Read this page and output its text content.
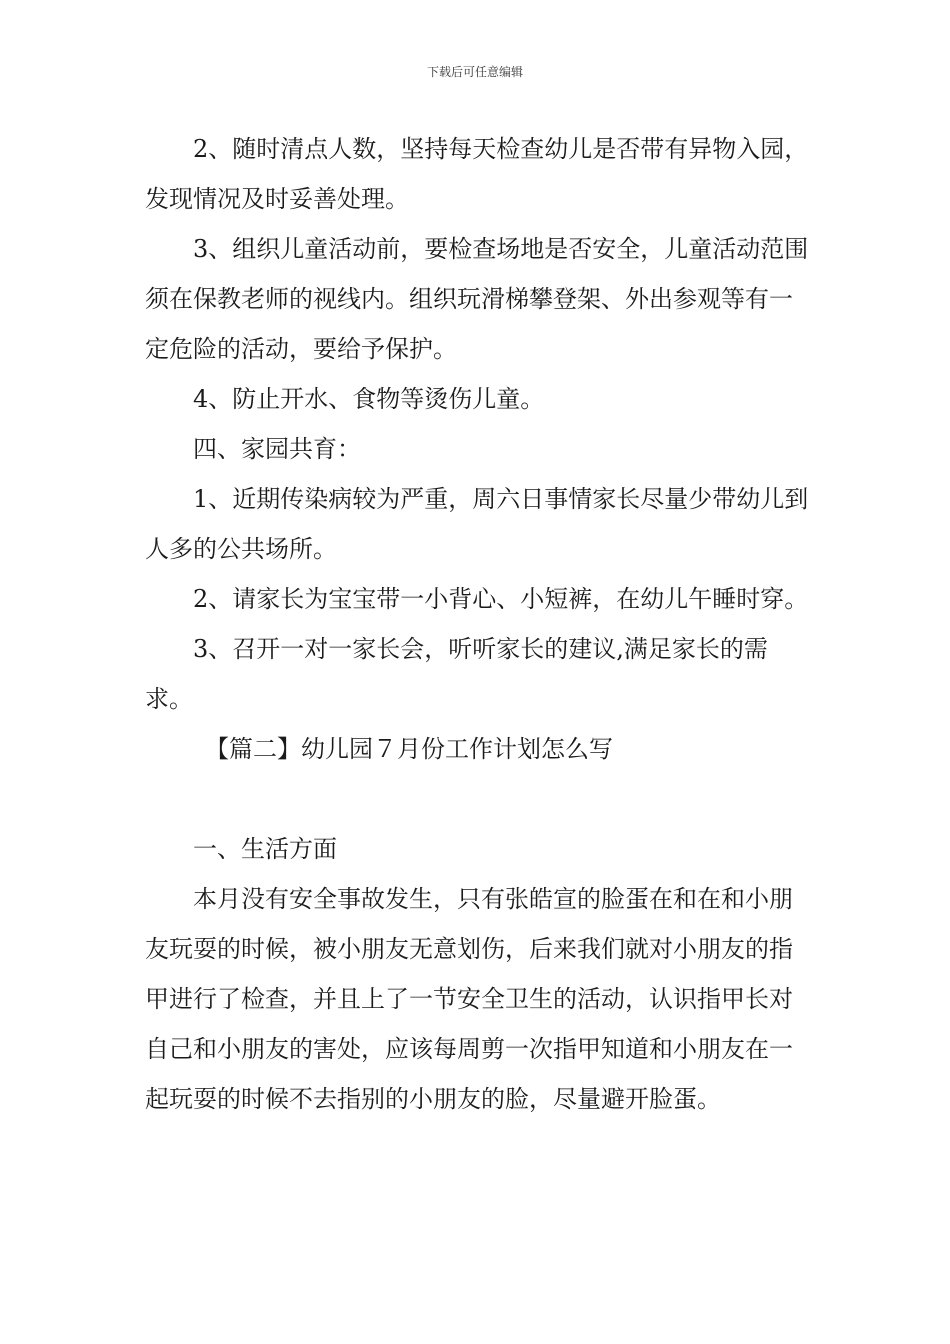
下载后可任意编辑

2、随时清点人数，坚持每天检查幼儿是否带有异物入园，发现情况及时妥善处理。

3、组织儿童活动前，要检查场地是否安全，儿童活动范围须在保教老师的视线内。组织玩滑梯攀登架、外出参观等有一定危险的活动，要给予保护。

4、防止开水、食物等烫伤儿童。

四、家园共育：

1、近期传染病较为严重，周六日事情家长尽量少带幼儿到人多的公共场所。

2、请家长为宝宝带一小背心、小短裤，在幼儿午睡时穿。

3、召开一对一家长会，听听家长的建议,满足家长的需求。

【篇二】幼儿园７月份工作计划怎么写

一、生活方面

本月没有安全事故发生，只有张皓宣的脸蛋在和在和小朋友玩耍的时候，被小朋友无意划伤，后来我们就对小朋友的指甲进行了检查，并且上了一节安全卫生的活动，认识指甲长对自己和小朋友的害处，应该每周剪一次指甲知道和小朋友在一起玩耍的时候不去指别的小朋友的脸，尽量避开脸蛋。
